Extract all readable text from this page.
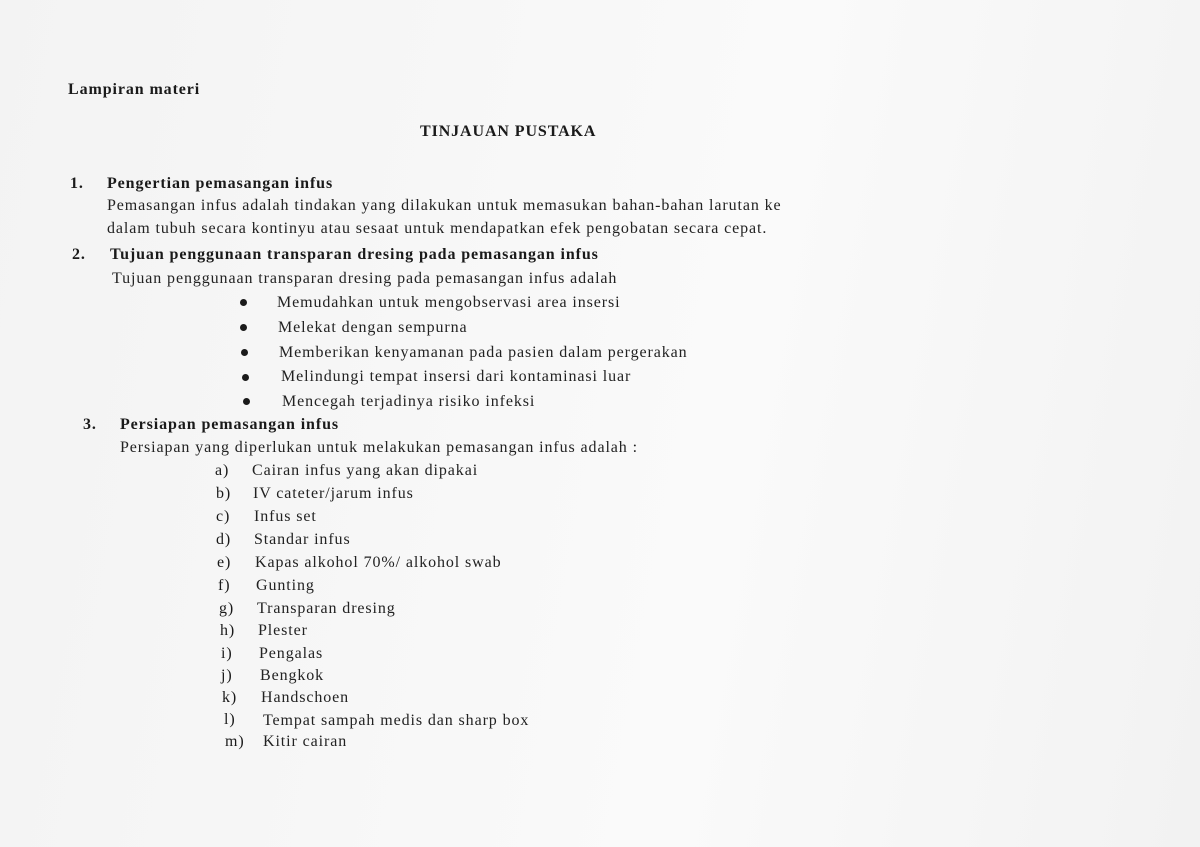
Lampiran materi
TINJAUAN PUSTAKA
1. Pengertian pemasangan infus
Pemasangan infus adalah tindakan yang dilakukan untuk memasukan bahan-bahan larutan ke
dalam tubuh secara kontinyu atau sesaat untuk mendapatkan efek pengobatan secara cepat.
2. Tujuan penggunaan transparan dresing pada pemasangan infus
Tujuan penggunaan transparan dresing pada pemasangan infus adalah
Memudahkan untuk mengobservasi area insersi
Melekat dengan sempurna
Memberikan kenyamanan pada pasien dalam pergerakan
Melindungi tempat insersi dari kontaminasi luar
Mencegah terjadinya risiko infeksi
3. Persiapan pemasangan infus
Persiapan yang diperlukan untuk melakukan pemasangan infus adalah :
a) Cairan infus yang akan dipakai
b) IV cateter/jarum infus
c) Infus set
d) Standar infus
e) Kapas alkohol 70%/ alkohol swab
f) Gunting
g) Transparan dresing
h) Plester
i) Pengalas
j) Bengkok
k) Handschoen
l) Tempat sampah medis dan sharp box
m) Kitir cairan
